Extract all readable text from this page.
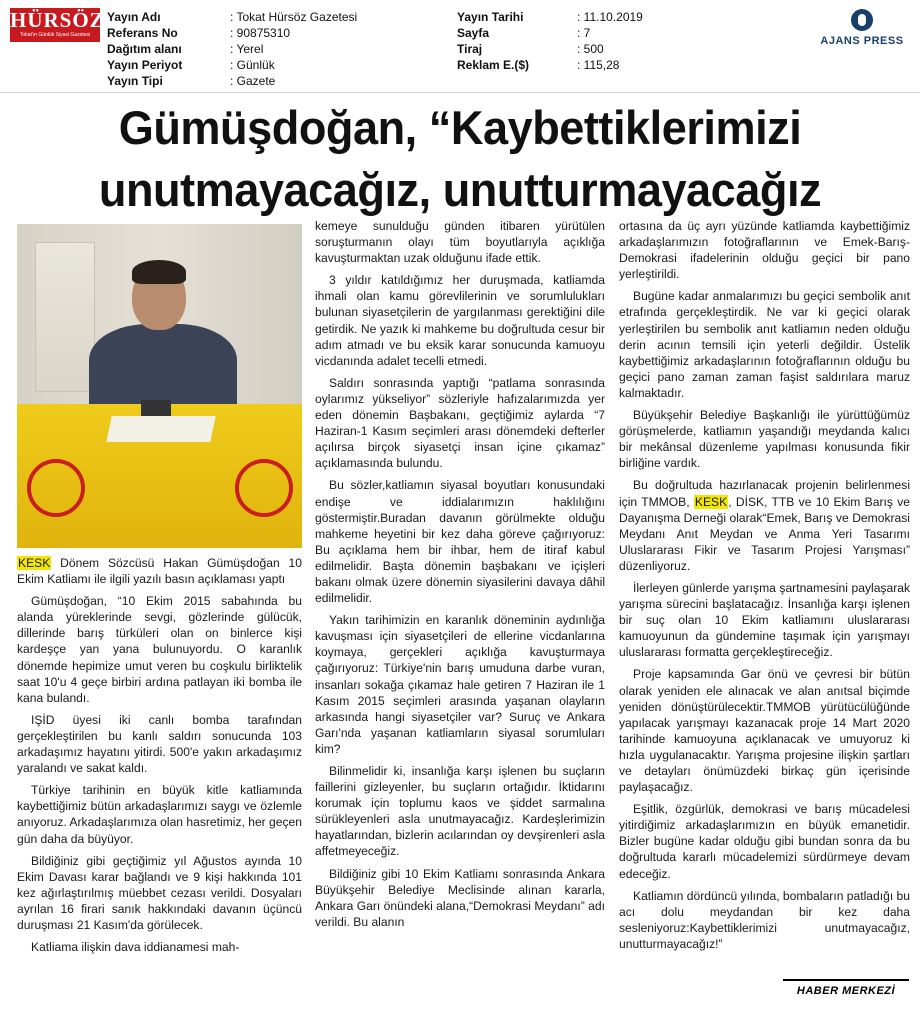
HÜRSÖZ
Tokat'ın Günlük Siyasi Gazetesi
Yayın Adı	: Tokat Hürsöz Gazetesi
Referans No	: 90875310
Dağıtım alanı	: Yerel
Yayın Periyot	: Günlük
Yayın Tipi	: Gazete
Yayın Tarihi	: 11.10.2019
Sayfa	: 7
Tiraj	: 500
Reklam E.($)	: 115,28
AJANS PRESS
Gümüşdoğan, “Kaybettiklerimizi
unutmayacağız, unutturmayacağız

KESK Dönem Sözcüsü Hakan Gümüşdoğan 10 Ekim Katliamı ile ilgili yazılı basın açıklaması yaptı

Gümüşdoğan, “10 Ekim 2015 sabahında bu alanda yüreklerinde sevgi, gözlerinde gülücük, dillerinde barış türküleri olan on binlerce kişi kardeşçe yan yana bulunuyordu. O karanlık dönemde hepimize umut veren bu coşkulu birliktelik saat 10'u 4 geçe birbiri ardına patlayan iki bomba ile kana bulandı.

IŞİD üyesi iki canlı bomba tarafından gerçekleştirilen bu kanlı saldırı sonucunda 103 arkadaşımız hayatını yitirdi. 500'e yakın arkadaşımız yaralandı ve sakat kaldı.

Türkiye tarihinin en büyük kitle katliamında kaybettiğimiz bütün arkadaşlarımızı saygı ve özlemle anıyoruz. Arkadaşlarımıza olan hasretimiz, her geçen gün daha da büyüyor.

Bildiğiniz gibi geçtiğimiz yıl Ağustos ayında 10 Ekim Davası karar bağlandı ve 9 kişi hakkında 101 kez ağırlaştırılmış müebbet cezası verildi. Dosyaları ayrılan 16 firari sanık hakkındaki davanın üçüncü duruşması 21 Kasım'da görülecek.

Katliama ilişkin dava iddianamesi mah-

kemeye sunulduğu günden itibaren yürütülen soruşturmanın olayı tüm boyutlarıyla açıklığa kavuşturmaktan uzak olduğunu ifade ettik.

3 yıldır katıldığımız her duruşmada, katliamda ihmali olan kamu görevlilerinin ve sorumlulukları bulunan siyasetçilerin de yargılanması gerektiğini dile getirdik. Ne yazık ki mahkeme bu doğrultuda cesur bir adım atmadı ve bu eksik karar sonucunda kamuoyu vicdanında adalet tecelli etmedi.

Saldırı sonrasında yaptığı “patlama sonrasında oylarımız yükseliyor” sözleriyle hafızalarımızda yer eden dönemin Başbakanı, geçtiğimiz aylarda “7 Haziran-1 Kasım seçimleri arası dönemdeki defterler açılırsa birçok siyasetçi insan içine çıkamaz” açıklamasında bulundu.

Bu sözler,katliamın siyasal boyutları konusundaki endişe ve iddialarımızın haklılığını göstermiştir.Buradan davanın görülmekte olduğu mahkeme heyetini bir kez daha göreve çağırıyoruz: Bu açıklama hem bir ihbar, hem de itiraf kabul edilmelidir. Başta dönemin başbakanı ve içişleri bakanı olmak üzere dönemin siyasilerini davaya dâhil edilmelidir.

Yakın tarihimizin en karanlık döneminin aydınlığa kavuşması için siyasetçileri de ellerine vicdanlarına koymaya, gerçekleri açıklığa kavuşturmaya çağırıyoruz: Türkiye'nin barış umuduna darbe vuran, insanları sokağa çıkamaz hale getiren 7 Haziran ile 1 Kasım 2015 seçimleri arasında yaşanan olayların arkasında hangi siyasetçiler var? Suruç ve Ankara Garı'nda yaşanan katliamların siyasal sorumluları kim?

Bilinmelidir ki, insanlığa karşı işlenen bu suçların faillerini gizleyenler, bu suçların ortağıdır. İktidarını korumak için toplumu kaos ve şiddet sarmalına sürükleyenleri asla unutmayacağız. Kardeşlerimizin hayatlarından, bizlerin acılarından oy devşirenleri asla affetmeyeceğiz.

Bildiğiniz gibi 10 Ekim Katliamı sonrasında Ankara Büyükşehir Belediye Meclisinde alınan kararla, Ankara Garı önündeki alana,“Demokrasi Meydanı” adı verildi. Bu alanın

ortasına da üç ayrı yüzünde katliamda kaybettiğimiz arkadaşlarımızın fotoğraflarının ve Emek-Barış-Demokrasi ifadelerinin olduğu geçici bir pano yerleştirildi.

Bugüne kadar anmalarımızı bu geçici sembolik anıt etrafında gerçekleştirdik. Ne var ki geçici olarak yerleştirilen bu sembolik anıt katliamın neden olduğu derin acının temsili için yeterli değildir. Üstelik kaybettiğimiz arkadaşlarının fotoğraflarının olduğu bu geçici pano zaman zaman faşist saldırılara maruz kalmaktadır.

Büyükşehir Belediye Başkanlığı ile yürüttüğümüz görüşmelerde, katliamın yaşandığı meydanda kalıcı bir mekânsal düzenleme yapılması konusunda fikir birliğine vardık.

Bu doğrultuda hazırlanacak projenin belirlenmesi için TMMOB, KESK, DİSK, TTB ve 10 Ekim Barış ve Dayanışma Derneği olarak“Emek, Barış ve Demokrasi Meydanı Anıt Meydan ve Anma Yeri Tasarımı Uluslararası Fikir ve Tasarım Projesi Yarışması” düzenliyoruz.

İlerleyen günlerde yarışma şartnamesini paylaşarak yarışma sürecini başlatacağız. İnsanlığa karşı işlenen bir suç olan 10 Ekim katliamını uluslararası kamuoyunun da gündemine taşımak için yarışmayı uluslararası formatta gerçekleştireceğiz.

Proje kapsamında Gar önü ve çevresi bir bütün olarak yeniden ele alınacak ve alan anıtsal biçimde yeniden dönüştürülecektir.TMMOB yürütücülüğünde yapılacak yarışmayı kazanacak proje 14 Mart 2020 tarihinde kamuoyuna açıklanacak ve umuyoruz ki hızla uygulanacaktır. Yarışma projesine ilişkin şartları ve detayları önümüzdeki birkaç gün içerisinde paylaşacağız.

Eşitlik, özgürlük, demokrasi ve barış mücadelesi yitirdiğimiz arkadaşlarımızın en büyük emanetidir. Bizler bugüne kadar olduğu gibi bundan sonra da bu doğrultuda kararlı mücadelemizi sürdürmeye devam edeceğiz.

Katliamın dördüncü yılında, bombaların patladığı bu acı dolu meydandan bir kez daha sesleniyoruz:Kaybettiklerimizi unutmayacağız, unutturmayacağız!”

HABER MERKEZİ
